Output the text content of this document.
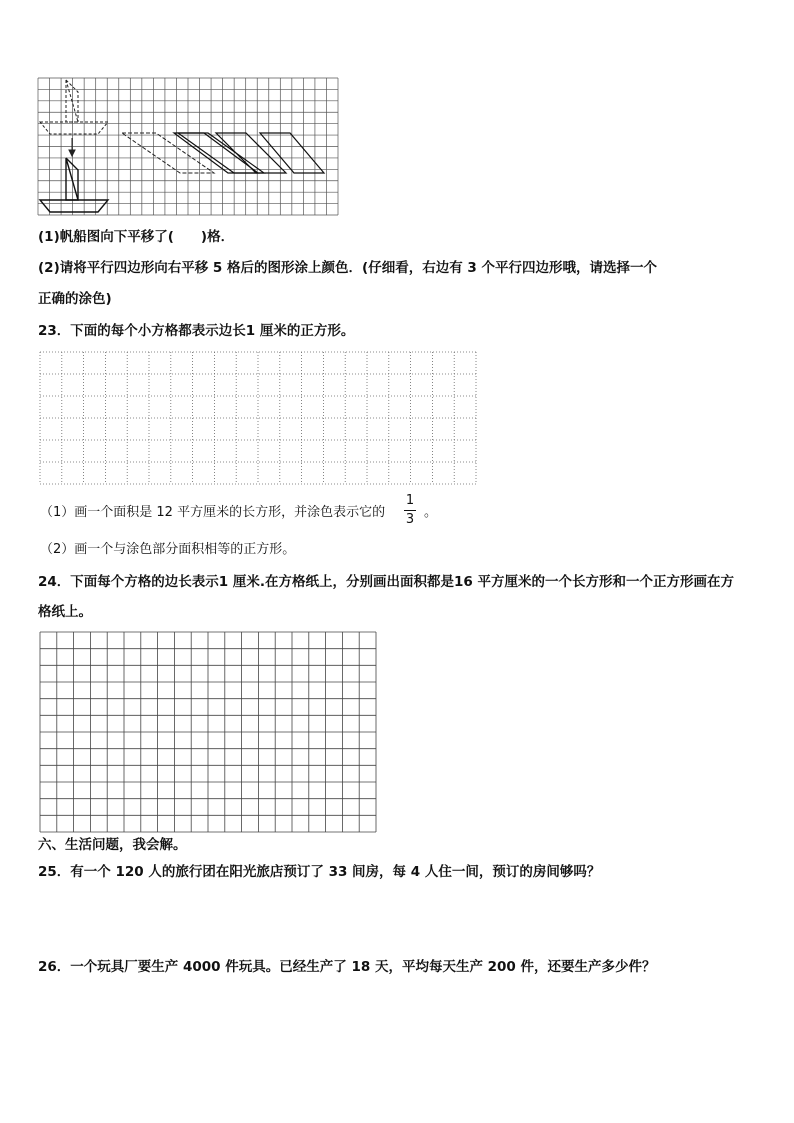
(1)帆船图向下平移了(　　)格．
(2)请将平行四边形向右平移 5 格后的图形涂上颜色．(仔细看，右边有 3 个平行四边形哦，请选择一个
正确的涂色)
23．下面的每个小方格都表示边长1 厘米的正方形。
（1）画一个面积是 12 平方厘米的长方形，并涂色表示它的
1
3 。
（2）画一个与涂色部分面积相等的正方形。
24．下面每个方格的边长表示1 厘米.在方格纸上，分别画出面积都是16 平方厘米的一个长方形和一个正方形画在方
格纸上。
六、生活问题，我会解。
25．有一个 120 人的旅行团在阳光旅店预订了 33 间房，每 4 人住一间，预订的房间够吗？
26．一个玩具厂要生产 4000 件玩具。已经生产了 18 天，平均每天生产 200 件，还要生产多少件？
